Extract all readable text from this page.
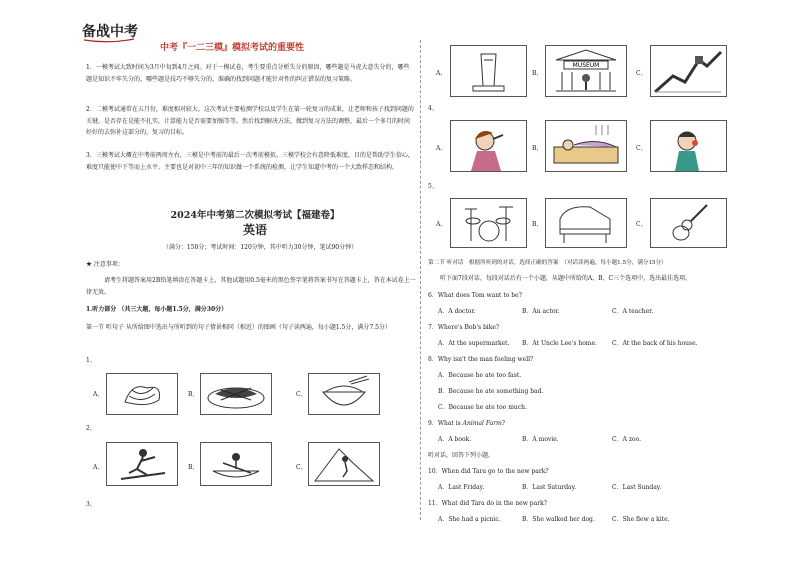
备战中考
中考『一二三模』模拟考试的重要性
1．一模考试大致时间为3月中旬到4月之间。对于一模试卷，考生要重点分析失分的原因，哪些题是马虎大意失分的，哪些题是知识不牢失分的，哪些题是技巧不够失分的，准确的找到问题才能针对性的纠正错误的复习策略。
2．二模考试通常在五月份，难度相对较大。这次考试主要检测学校以及学生在第一轮复习的成果，让老师和孩子找到问题的关键，是否存在是能不扎实，计算能力是否需要加强等等。然后找到解决方法，做到复习方法的调整，最后一个多月的时间好好的去弥补这部分的，复习的目标。
3．三模考试大概在中考前两周左右，三模是中考前的最后一次考前模拟。三模学校会有意降低难度，目的是帮助学生信心，难度只能使中下等而上水平。主要也是对初中三年的知识做一个系统的检测，让学生知道中考的一个大致样态和结构。
2024年中考第二次模拟考试【福建卷】
英语
（满分：150分；考试时间：120分钟，其中听力30分钟，笔试90分钟）
★ 注意事项：
请考生将题答案用2B铅笔填涂在答题卡上，其他试题用0.5毫米的黑色签字笔将答案书写在答题卡上，答在本试卷上一律无效。
1.听力部分 （共三大题，每小题1.5分，满分30分）
第一节 听句子 从所给图中选出与所听到的句子情景相同（相近）的图画（句子读两遍，每小题1.5分，满分7.5分）
1、
A、	B、	C、
2、
A、	B、	C、
3、
A、	B、
MUSEUM
C、
4、
A、	B、	C、
5、
A、	B、	C、
第二节 听对话　根据所听到的对话，选择正确的答案　（对话读两遍，每小题1.5分，满分15分）
听下面7段对话，每段对话后有一个小题，从题中所给的A、B、C三个选项中，选出最佳选项。
6．What does Tom want to be?
A．A doctor.	B．An actor.	C．A teacher.
7．Where's Bob's bike?
A．At the supermarket. B．At Uncle Lee's home.	C．At the back of his house.
8．Why isn't the man feeling well?
A．Because he ate too fast.
B．Because he ate something bad.
C．Because he ate too much.
9．What is Animal Farm?
A．A book.	B．A movie.	C．A zoo.
听对话，回答下列小题。
10．When did Tara go to the new park?
A．Last Friday.	B．Last Saturday.	C．Last Sunday.
11．What did Tara do in the new park?
A．She had a picnic.	B．She walked her dog.	C．She flew a kite.
